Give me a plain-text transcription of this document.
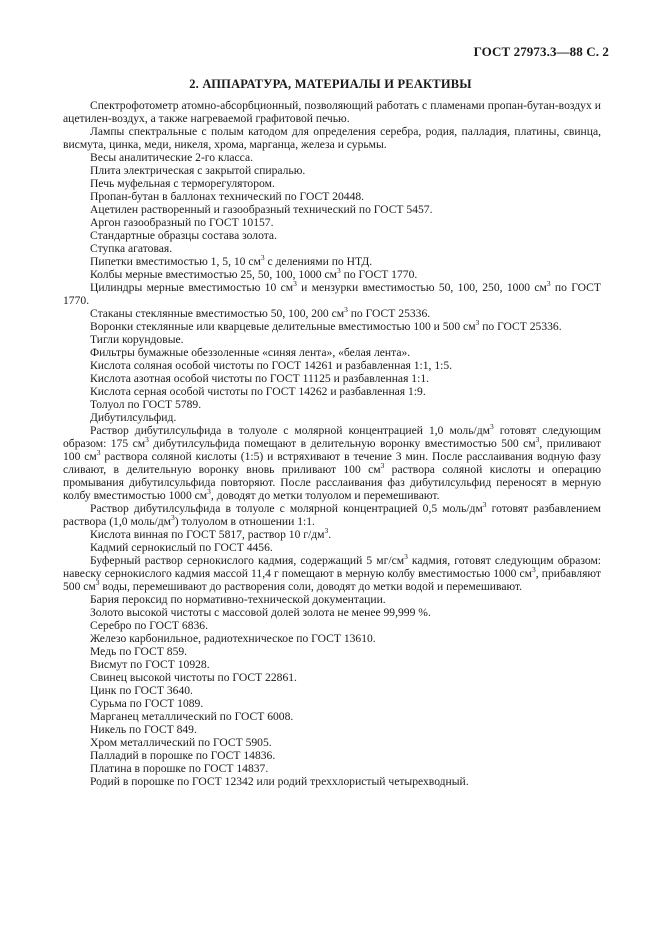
ГОСТ 27973.3—88 С. 2
2. АППАРАТУРА, МАТЕРИАЛЫ И РЕАКТИВЫ

Спектрофотометр атомно-абсорбционный, позволяющий работать с пламенами пропан-бутан-воздух и ацетилен-воздух, а также нагреваемой графитовой печью.

Лампы спектральные с полым катодом для определения серебра, родия, палладия, платины, свинца, висмута, цинка, меди, никеля, хрома, марганца, железа и сурьмы.

Весы аналитические 2-го класса.

Плита электрическая с закрытой спиралью.

Печь муфельная с терморегулятором.

Пропан-бутан в баллонах технический по ГОСТ 20448.

Ацетилен растворенный и газообразный технический по ГОСТ 5457.

Аргон газообразный по ГОСТ 10157.

Стандартные образцы состава золота.

Ступка агатовая.

Пипетки вместимостью 1, 5, 10 $см^3$ с делениями по НТД.

Колбы мерные вместимостью 25, 50, 100, 1000 $см^3$ по ГОСТ 1770.

Цилиндры мерные вместимостью 10 $см^3$ и мензурки вместимостью 50, 100, 250, 1000 $см^3$ по ГОСТ 1770.

Стаканы стеклянные вместимостью 50, 100, 200 $см^3$ по ГОСТ 25336.

Воронки стеклянные или кварцевые делительные вместимостью 100 и 500 $см^3$ по ГОСТ 25336.

Тигли корундовые.

Фильтры бумажные обеззоленные «синяя лента», «белая лента».

Кислота соляная особой чистоты по ГОСТ 14261 и разбавленная 1:1, 1:5.

Кислота азотная особой чистоты по ГОСТ 11125 и разбавленная 1:1.

Кислота серная особой чистоты по ГОСТ 14262 и разбавленная 1:9.

Толуол по ГОСТ 5789.

Дибутилсульфид.

Раствор дибутилсульфида в толуоле с молярной концентрацией 1,0 моль/$дм^3$ готовят следующим образом: 175 $см^3$ дибутилсульфида помещают в делительную воронку вместимостью 500 $см^3$, приливают 100 $см^3$ раствора соляной кислоты (1:5) и встряхивают в течение 3 мин. После расслаивания водную фазу сливают, в делительную воронку вновь приливают 100 $см^3$ раствора соляной кислоты и операцию промывания дибутилсульфида повторяют. После расслаивания фаз дибутилсульфид переносят в мерную колбу вместимостью 1000 $см^3$, доводят до метки толуолом и перемешивают.

Раствор дибутилсульфида в толуоле с молярной концентрацией 0,5 моль/$дм^3$ готовят разбавлением раствора (1,0 моль/$дм^3$) толуолом в отношении 1:1.

Кислота винная по ГОСТ 5817, раствор 10 $г/дм^3$.

Кадмий сернокислый по ГОСТ 4456.

Буферный раствор сернокислого кадмия, содержащий 5 $мг/см^3$ кадмия, готовят следующим образом: навеску сернокислого кадмия массой 11,4 г помещают в мерную колбу вместимостью 1000 $см^3$, прибавляют 500 $см^3$ воды, перемешивают до растворения соли, доводят до метки водой и перемешивают.

Бария пероксид по нормативно-технической документации.

Золото высокой чистоты с массовой долей золота не менее 99,999 %.

Серебро по ГОСТ 6836.

Железо карбонильное, радиотехническое по ГОСТ 13610.

Медь по ГОСТ 859.

Висмут по ГОСТ 10928.

Свинец высокой чистоты по ГОСТ 22861.

Цинк по ГОСТ 3640.

Сурьма по ГОСТ 1089.

Марганец металлический по ГОСТ 6008.

Никель по ГОСТ 849.

Хром металлический по ГОСТ 5905.

Палладий в порошке по ГОСТ 14836.

Платина в порошке по ГОСТ 14837.

Родий в порошке по ГОСТ 12342 или родий треххлористый четырехводный.
